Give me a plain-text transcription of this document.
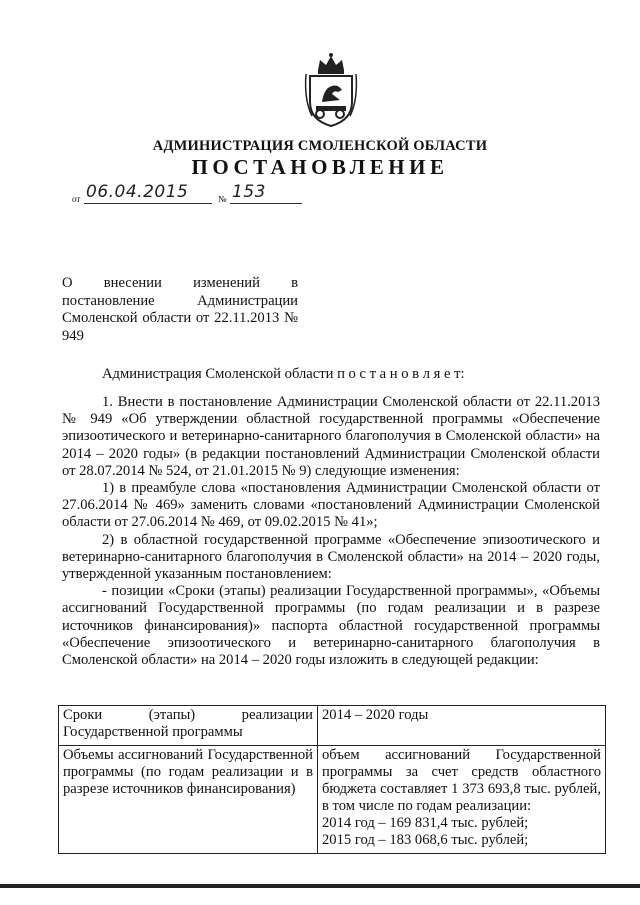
АДМИНИСТРАЦИЯ СМОЛЕНСКОЙ ОБЛАСТИ
ПОСТАНОВЛЕНИЕ
от 06.04.2015	№ 153
О внесении изменений в постановление Администрации Смоленской области от 22.11.2013 № 949
Администрация Смоленской области п о с т а н о в л я е т:

1. Внести в постановление Администрации Смоленской области от 22.11.2013 № 949 «Об утверждении областной государственной программы «Обеспечение эпизоотического и ветеринарно-санитарного благополучия в Смоленской области» на 2014 – 2020 годы» (в редакции постановлений Администрации Смоленской области от 28.07.2014 № 524, от 21.01.2015 № 9) следующие изменения:

1) в преамбуле слова «постановления Администрации Смоленской области от 27.06.2014 № 469» заменить словами «постановлений Администрации Смоленской области от 27.06.2014 № 469, от 09.02.2015 № 41»;

2) в областной государственной программе «Обеспечение эпизоотического и ветеринарно-санитарного благополучия в Смоленской области» на 2014 – 2020 годы, утвержденной указанным постановлением:

- позиции «Сроки (этапы) реализации Государственной программы», «Объемы ассигнований Государственной программы (по годам реализации и в разрезе источников финансирования)» паспорта областной государственной программы «Обеспечение эпизоотического и ветеринарно-санитарного благополучия в Смоленской области» на 2014 – 2020 годы изложить в следующей редакции:

Сроки (этапы) реализации Государственной программы	2014 – 2020 годы

Объемы ассигнований Государственной программы (по годам реализации и в разрезе источников финансирования)	объем ассигнований Государственной программы за счет средств областного бюджета составляет 1 373 693,8 тыс. рублей, в том числе по годам реализации:
2014 год – 169 831,4 тыс. рублей;
2015 год – 183 068,6 тыс. рублей;
